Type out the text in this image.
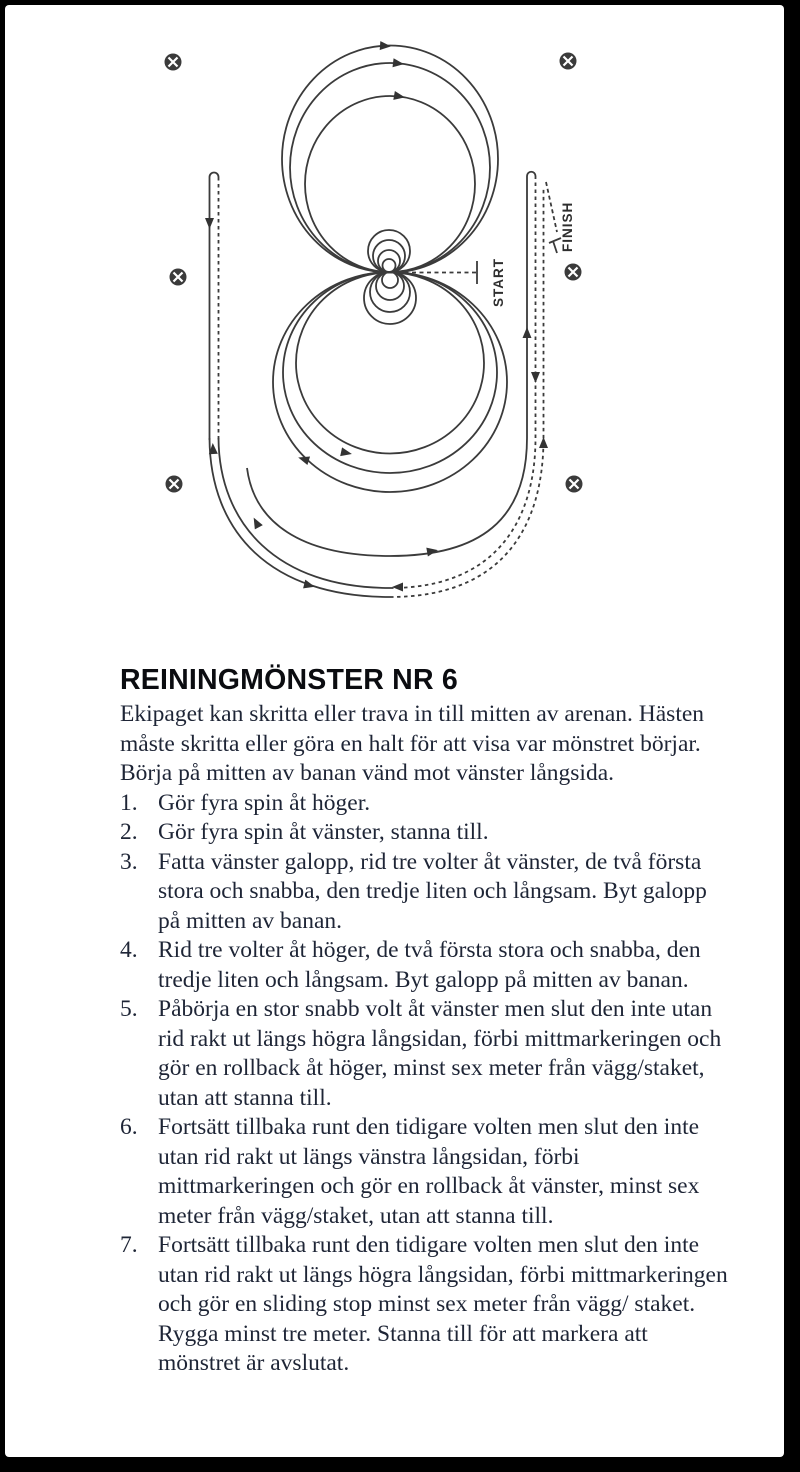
START
FINISH
REININGMÖNSTER NR 6

Ekipaget kan skritta eller trava in till mitten av arenan. Hästen måste skritta eller göra en halt för att visa var mönstret börjar.

Börja på mitten av banan vänd mot vänster långsida.

1. Gör fyra spin åt höger.
2. Gör fyra spin åt vänster, stanna till.
3. Fatta vänster galopp, rid tre volter åt vänster, de två första stora och snabba, den tredje liten och långsam. Byt galopp på mitten av banan.
4. Rid tre volter åt höger, de två första stora och snabba, den tredje liten och långsam. Byt galopp på mitten av banan.
5. Påbörja en stor snabb volt åt vänster men slut den inte utan rid rakt ut längs högra långsidan, förbi mittmarkeringen och gör en rollback åt höger, minst sex meter från vägg/staket, utan att stanna till.
6. Fortsätt tillbaka runt den tidigare volten men slut den inte utan rid rakt ut längs vänstra långsidan, förbi mittmarkeringen och gör en rollback åt vänster, minst sex meter från vägg/staket, utan att stanna till.
7. Fortsätt tillbaka runt den tidigare volten men slut den inte utan rid rakt ut längs högra långsidan, förbi mittmarkeringen och gör en sliding stop minst sex meter från vägg/ staket. Rygga minst tre meter. Stanna till för att markera att mönstret är avslutat.
